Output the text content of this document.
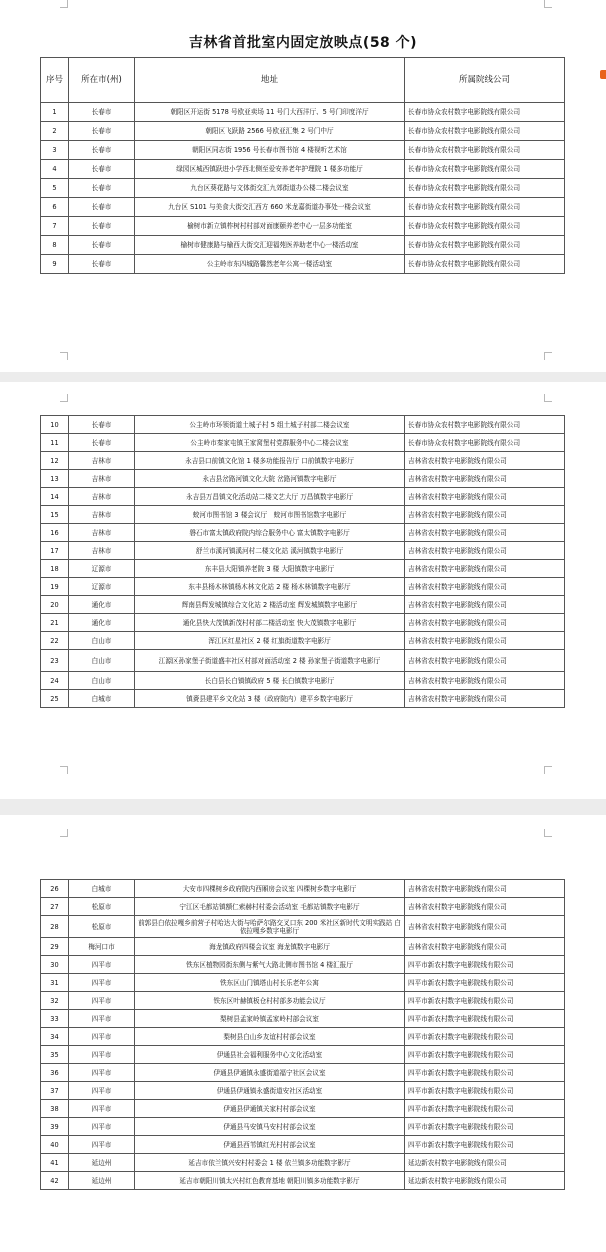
吉林省首批室内固定放映点(58 个)
序号	所在市(州)	地址	所属院线公司
1	长春市	朝阳区开运街 5178 号欧亚卖场 11 号门大西洋厅、5 号门印度洋厅	长春市协众农村数字电影院线有限公司
2	长春市	朝阳区飞跃路 2566 号欧亚汇集 2 号门中厅	长春市协众农村数字电影院线有限公司
3	长春市	朝阳区同志街 1956 号长春市图书馆 4 楼视听艺术馆	长春市协众农村数字电影院线有限公司
4	长春市	绿园区城西镇跃进小学西北侧至爱安养老年护理院 1 楼多功能厅	长春市协众农村数字电影院线有限公司
5	长春市	九台区葵花路与文体街交汇九郊街道办公楼二楼会议室	长春市协众农村数字电影院线有限公司
6	长春市	九台区 S101 与美食大街交汇西方 660 米龙嘉街道办事处一楼会议室	长春市协众农村数字电影院线有限公司
7	长春市	榆树市新立镇柞树村村部对面康颐养老中心一层多功能室	长春市协众农村数字电影院线有限公司
8	长春市	榆树市健康路与榆西大街交汇迎福苑医养助老中心一楼活动室	长春市协众农村数字电影院线有限公司
9	长春市	公主岭市东四城路馨然老年公寓一楼活动室	长春市协众农村数字电影院线有限公司
10	长春市	公主岭市环领街道土城子村 5 组土城子村部二楼会议室	长春市协众农村数字电影院线有限公司
11	长春市	公主岭市秦家屯镇王家窝堡村党群服务中心二楼会议室	长春市协众农村数字电影院线有限公司
12	吉林市	永吉县口前镇文化馆 1 楼多功能报告厅 口前镇数字电影厅	吉林省农村数字电影院线有限公司
13	吉林市	永吉县岔路河镇文化大院 岔路河镇数字电影厅	吉林省农村数字电影院线有限公司
14	吉林市	永吉县万昌镇文化活动站二楼文艺大厅 万昌镇数字电影厅	吉林省农村数字电影院线有限公司
15	吉林市	蛟河市图书馆 3 楼会议厅　蛟河市图书馆数字电影厅	吉林省农村数字电影院线有限公司
16	吉林市	磐石市富太镇政府院内综合服务中心 富太镇数字电影厅	吉林省农村数字电影院线有限公司
17	吉林市	舒兰市溪河镇溪河村二楼文化站 溪河镇数字电影厅	吉林省农村数字电影院线有限公司
18	辽源市	东丰县大阳镇养老院 3 楼 大阳镇数字电影厅	吉林省农村数字电影院线有限公司
19	辽源市	东丰县杨木林镇杨木林文化站 2 楼 杨木林镇数字电影厅	吉林省农村数字电影院线有限公司
20	通化市	辉南县辉发城镇综合文化站 2 楼活动室 辉发城镇数字电影厅	吉林省农村数字电影院线有限公司
21	通化市	通化县快大茂镇新茂村村部二楼活动室 快大茂镇数字电影厅	吉林省农村数字电影院线有限公司
22	白山市	浑江区红星社区 2 楼 红旗街道数字电影厅	吉林省农村数字电影院线有限公司
23	白山市	江源区孙家堡子街道盛丰社区村部对面活动室 2 楼 孙家堡子街道数字电影厅	吉林省农村数字电影院线有限公司
24	白山市	长白县长白镇镇政府 5 楼 长白镇数字电影厅	吉林省农村数字电影院线有限公司
25	白城市	镇赉县建平乡文化站 3 楼（政府院内）建平乡数字电影厅	吉林省农村数字电影院线有限公司
26	白城市	大安市四棵树乡政府院内西厢房会议室 四棵树乡数字电影厅	吉林省农村数字电影院线有限公司
27	松原市	宁江区毛都站镇额仁索赫村村委会活动室 毛都站镇数字电影厅	吉林省农村数字电影院线有限公司
28	松原市	前郭县白依拉嘎乡前营子村哈达大街与哈萨尔路交叉口东 200 米社区新时代文明实践站 白依拉嘎乡数字电影厅	吉林省农村数字电影院线有限公司
29	梅河口市	海龙镇政府四楼会议室 海龙镇数字电影厅	吉林省农村数字电影院线有限公司
30	四平市	铁东区植物园街东侧与紫气大路北侧市图书馆 4 楼汇报厅	四平市新农村数字电影院线有限公司
31	四平市	铁东区山门镇塔山村长乐老年公寓	四平市新农村数字电影院线有限公司
32	四平市	铁东区叶赫镇板仓村村部多功能会议厅	四平市新农村数字电影院线有限公司
33	四平市	梨树县孟家岭镇孟家岭村部会议室	四平市新农村数字电影院线有限公司
34	四平市	梨树县白山乡友谊村村部会议室	四平市新农村数字电影院线有限公司
35	四平市	伊通县社会福利服务中心文化活动室	四平市新农村数字电影院线有限公司
36	四平市	伊通县伊通镇永盛街道福宁社区会议室	四平市新农村数字电影院线有限公司
37	四平市	伊通县伊通镇永盛街道安社区活动室	四平市新农村数字电影院线有限公司
38	四平市	伊通县伊通镇关家村村部会议室	四平市新农村数字电影院线有限公司
39	四平市	伊通县马安镇马安村村部会议室	四平市新农村数字电影院线有限公司
40	四平市	伊通县西苇镇红光村村部会议室	四平市新农村数字电影院线有限公司
41	延边州	延吉市依兰镇兴安村村委会 1 楼 依兰镇多功能数字影厅	延边新农村数字电影院线有限公司
42	延边州	延吉市朝阳川镇太兴村红色教育基地 朝阳川镇多功能数字影厅	延边新农村数字电影院线有限公司
